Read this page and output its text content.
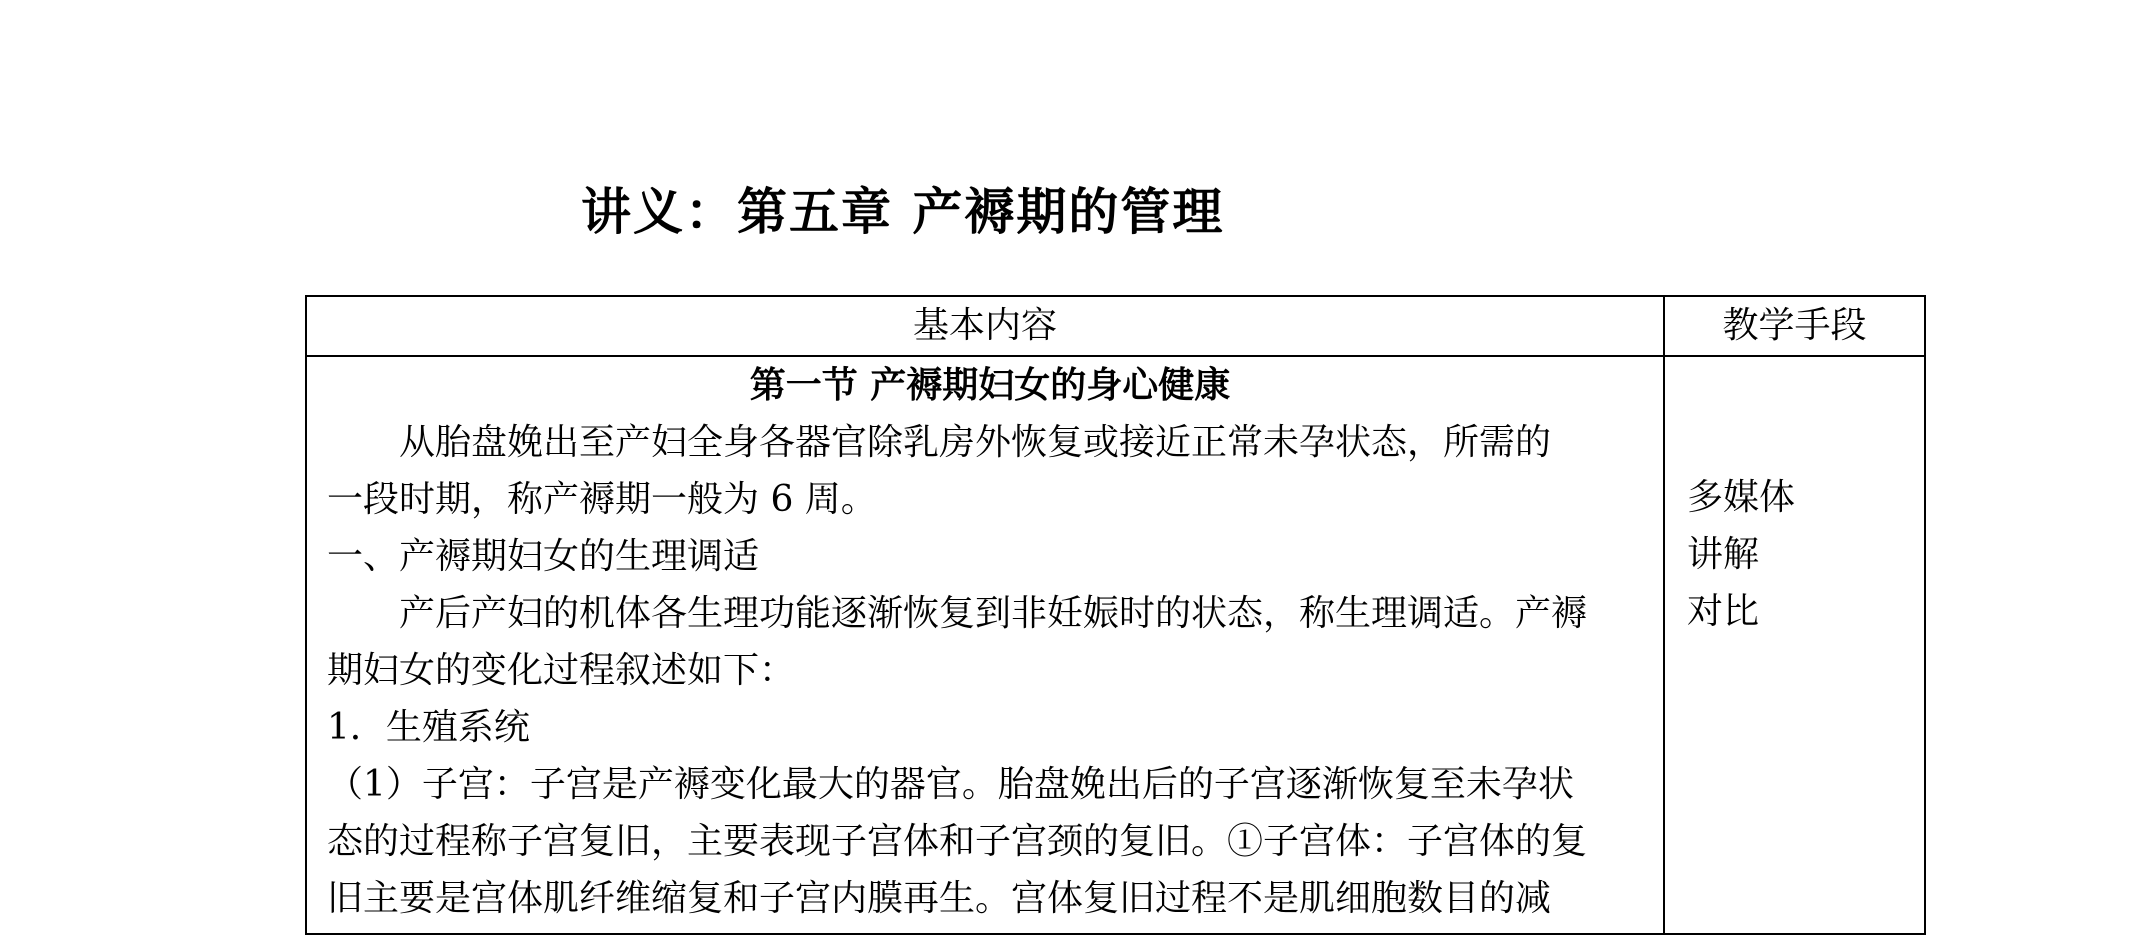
讲义：第五章 产褥期的管理
基本内容	教学手段

第一节 产褥期妇女的身心健康

从胎盘娩出至产妇全身各器官除乳房外恢复或接近正常未孕状态，所需的

一段时期，称产褥期一般为 6 周。

一、产褥期妇女的生理调适

产后产妇的机体各生理功能逐渐恢复到非妊娠时的状态，称生理调适。产褥

期妇女的变化过程叙述如下：

1．生殖系统

（1）子宫：子宫是产褥变化最大的器官。胎盘娩出后的子宫逐渐恢复至未孕状

态的过程称子宫复旧，主要表现子宫体和子宫颈的复旧。①子宫体：子宫体的复

旧主要是宫体肌纤维缩复和子宫内膜再生。宫体复旧过程不是肌细胞数目的减

多媒体
讲解
对比
